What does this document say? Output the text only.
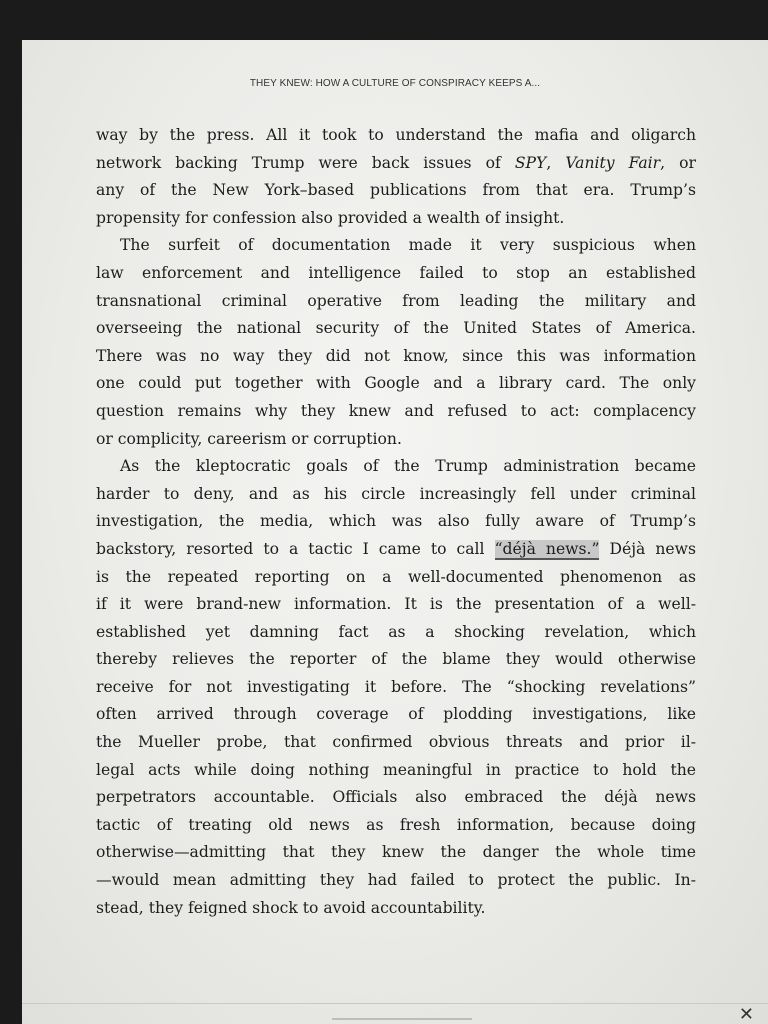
THEY KNEW: HOW A CULTURE OF CONSPIRACY KEEPS A...
way by the press. All it took to understand the mafia and oligarch
network backing Trump were back issues of SPY, Vanity Fair, or
any of the New York–based publications from that era. Trump’s
propensity for confession also provided a wealth of insight.
The surfeit of documentation made it very suspicious when
law enforcement and intelligence failed to stop an established
transnational criminal operative from leading the military and
overseeing the national security of the United States of America.
There was no way they did not know, since this was information
one could put together with Google and a library card. The only
question remains why they knew and refused to act: complacency
or complicity, careerism or corruption.
As the kleptocratic goals of the Trump administration became
harder to deny, and as his circle increasingly fell under criminal
investigation, the media, which was also fully aware of Trump’s
backstory, resorted to a tactic I came to call “déjà news.” Déjà news
is the repeated reporting on a well-documented phenomenon as
if it were brand-new information. It is the presentation of a well-
established yet damning fact as a shocking revelation, which
thereby relieves the reporter of the blame they would otherwise
receive for not investigating it before. The “shocking revelations”
often arrived through coverage of plodding investigations, like
the Mueller probe, that confirmed obvious threats and prior il-
legal acts while doing nothing meaningful in practice to hold the
perpetrators accountable. Officials also embraced the déjà news
tactic of treating old news as fresh information, because doing
otherwise—admitting that they knew the danger the whole time
—would mean admitting they had failed to protect the public. In-
stead, they feigned shock to avoid accountability.
✕
